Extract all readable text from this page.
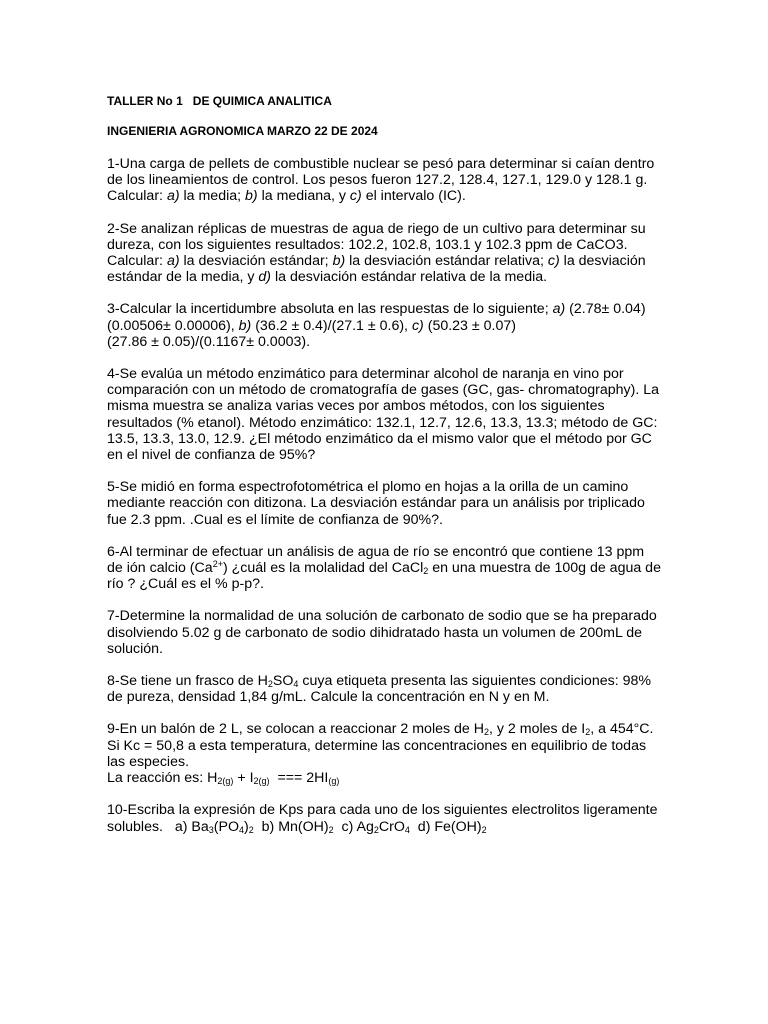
TALLER No 1   DE QUIMICA ANALITICA
INGENIERIA AGRONOMICA MARZO 22 DE 2024

1-Una carga de pellets de combustible nuclear se pesó para determinar si caían dentro de los lineamientos de control. Los pesos fueron 127.2, 128.4, 127.1, 129.0 y 128.1 g. Calcular: a) la media; b) la mediana, y c) el intervalo (IC).

2-Se analizan réplicas de muestras de agua de riego de un cultivo para determinar su dureza, con los siguientes resultados: 102.2, 102.8, 103.1 y 102.3 ppm de CaCO3. Calcular: a) la desviación estándar; b) la desviación estándar relativa; c) la desviación estándar de la media, y d) la desviación estándar relativa de la media.

3-Calcular la incertidumbre absoluta en las respuestas de lo siguiente; a) (2.78± 0.04)(0.00506± 0.00006), b) (36.2 ± 0.4)/(27.1 ± 0.6), c) (50.23 ± 0.07)

(27.86 ± 0.05)/(0.1167± 0.0003).

4-Se evalúa un método enzimático para determinar alcohol de naranja en vino por comparación con un método de cromatografía de gases (GC, gas- chromatography). La misma muestra se analiza varias veces por ambos métodos, con los siguientes resultados (% etanol). Método enzimático: 132.1, 12.7, 12.6, 13.3, 13.3; método de GC: 13.5, 13.3, 13.0, 12.9. ¿El método enzimático da el mismo valor que el método por GC en el nivel de confianza de 95%?

5-Se midió en forma espectrofotométrica el plomo en hojas a la orilla de un camino mediante reacción con ditizona. La desviación estándar para un análisis por triplicado fue 2.3 ppm. .Cual es el límite de confianza de 90%?.

6-Al terminar de efectuar un análisis de agua de río se encontró que contiene 13 ppm de ión calcio $(Ca^{2+})$ ¿cuál es la molalidad del CaCl$_2$ en una muestra de 100g de agua de río ? ¿Cuál es el % p-p?.

7-Determine la normalidad de una solución de carbonato de sodio que se ha preparado disolviendo 5.02 g de carbonato de sodio dihidratado hasta un volumen de 200mL de solución.

8-Se tiene un frasco de $H_2SO_4$ cuya etiqueta presenta las siguientes condiciones: 98% de pureza, densidad 1,84 g/mL. Calcule la concentración en N y en M.

9-En un balón de 2 L, se colocan a reaccionar 2 moles de $H_2$, y 2 moles de $I_2$, a 454°C. Si Kc = 50,8 a esta temperatura, determine las concentraciones en equilibrio de todas las especies.

La reacción es: $H_{2(g)} + I_{2(g)}$  === $2HI_{(g)}$

10-Escriba la expresión de Kps para cada uno de los siguientes electrolitos ligeramente solubles.   a) $Ba_3(PO_4)_2$  b) $Mn(OH)_2$  c) $Ag_2CrO_4$  d) $Fe(OH)_2$
